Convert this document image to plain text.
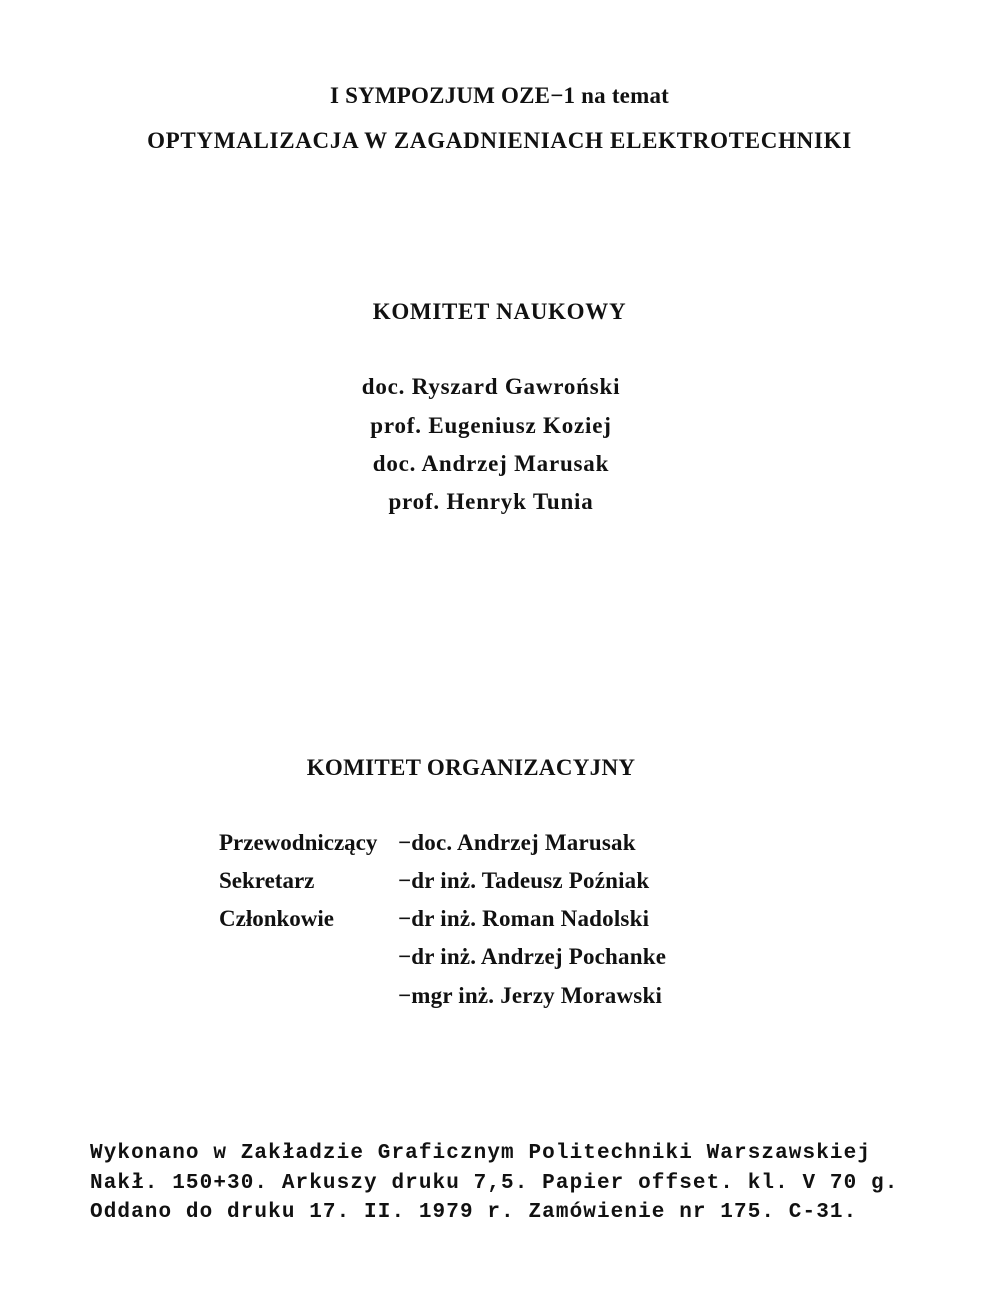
I SYMPOZJUM OZE−1 na temat
OPTYMALIZACJA W ZAGADNIENIACH ELEKTROTECHNIKI
KOMITET NAUKOWY
doc. Ryszard Gawroński
prof. Eugeniusz Koziej
doc. Andrzej Marusak
prof. Henryk Tunia
KOMITET ORGANIZACYJNY
Przewodniczący
Sekretarz
Członkowie
−doc. Andrzej Marusak
−dr inż. Tadeusz Poźniak
−dr inż. Roman Nadolski
−dr inż. Andrzej Pochanke
−mgr inż. Jerzy Morawski
Wykonano w Zakładzie Graficznym Politechniki Warszawskiej
Nakł. 150+30. Arkuszy druku 7,5. Papier offset. kl. V 70 g.
Oddano do druku 17. II. 1979 r. Zamówienie nr 175. C-31.
